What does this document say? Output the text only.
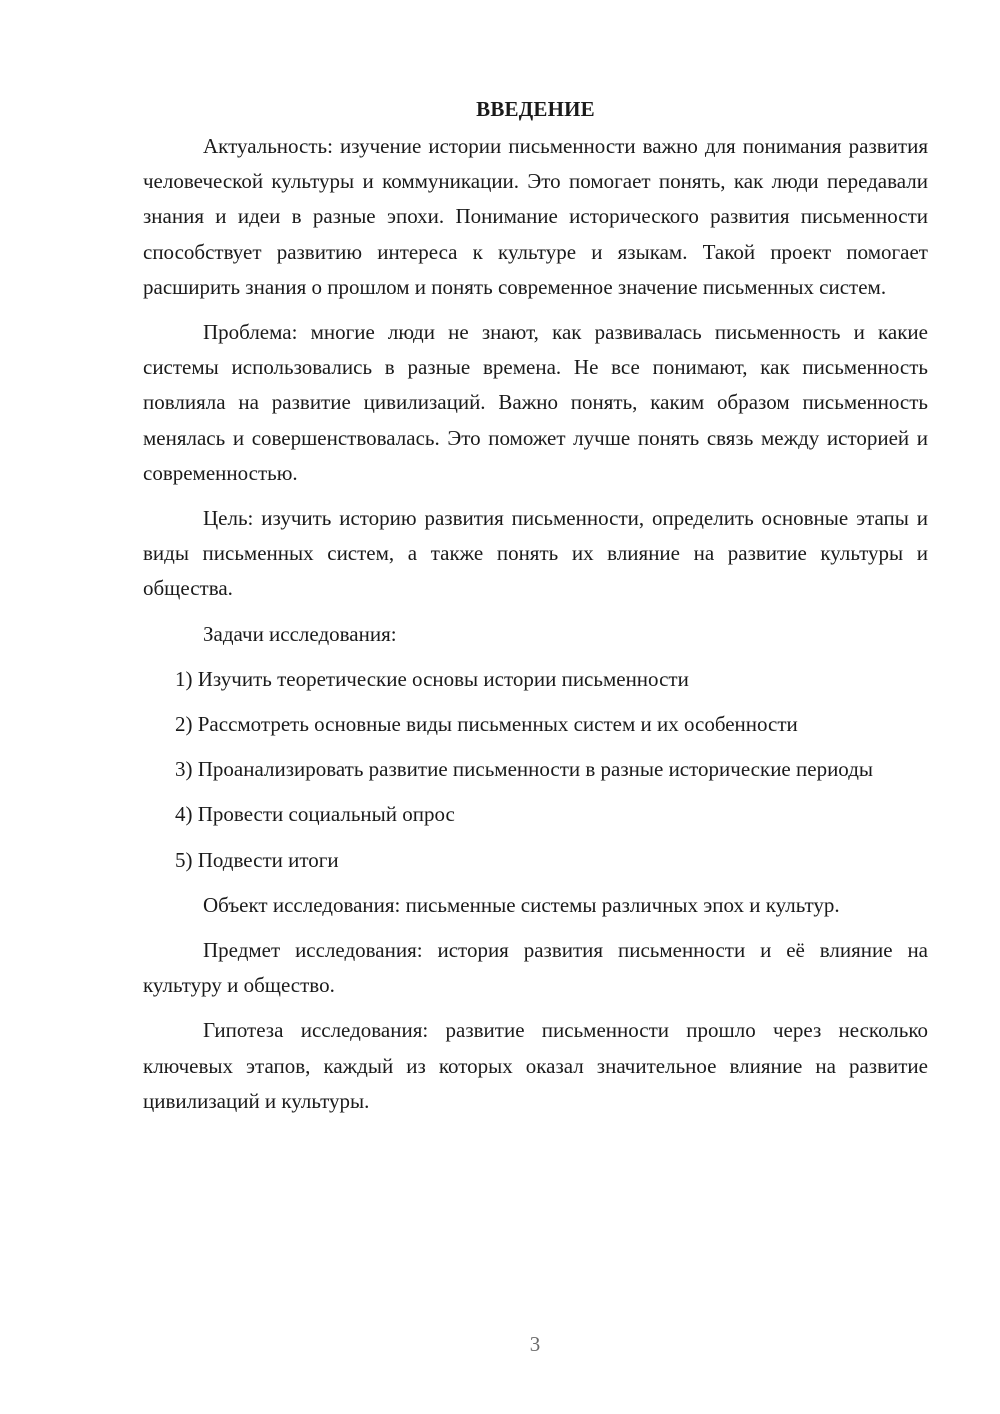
ВВЕДЕНИЕ

Актуальность: изучение истории письменности важно для понимания развития человеческой культуры и коммуникации. Это помогает понять, как люди передавали знания и идеи в разные эпохи. Понимание исторического развития письменности способствует развитию интереса к культуре и языкам. Такой проект помогает расширить знания о прошлом и понять современное значение письменных систем.

Проблема: многие люди не знают, как развивалась письменность и какие системы использовались в разные времена. Не все понимают, как письменность повлияла на развитие цивилизаций. Важно понять, каким образом письменность менялась и совершенствовалась. Это поможет лучше понять связь между историей и современностью.

Цель: изучить историю развития письменности, определить основные этапы и виды письменных систем, а также понять их влияние на развитие культуры и общества.

Задачи исследования:

1) Изучить теоретические основы истории письменности

2) Рассмотреть основные виды письменных систем и их особенности

3) Проанализировать развитие письменности в разные исторические периоды

4) Провести социальный опрос

5) Подвести итоги

Объект исследования: письменные системы различных эпох и культур.

Предмет исследования: история развития письменности и её влияние на культуру и общество.

Гипотеза исследования: развитие письменности прошло через несколько ключевых этапов, каждый из которых оказал значительное влияние на развитие цивилизаций и культуры.

3
